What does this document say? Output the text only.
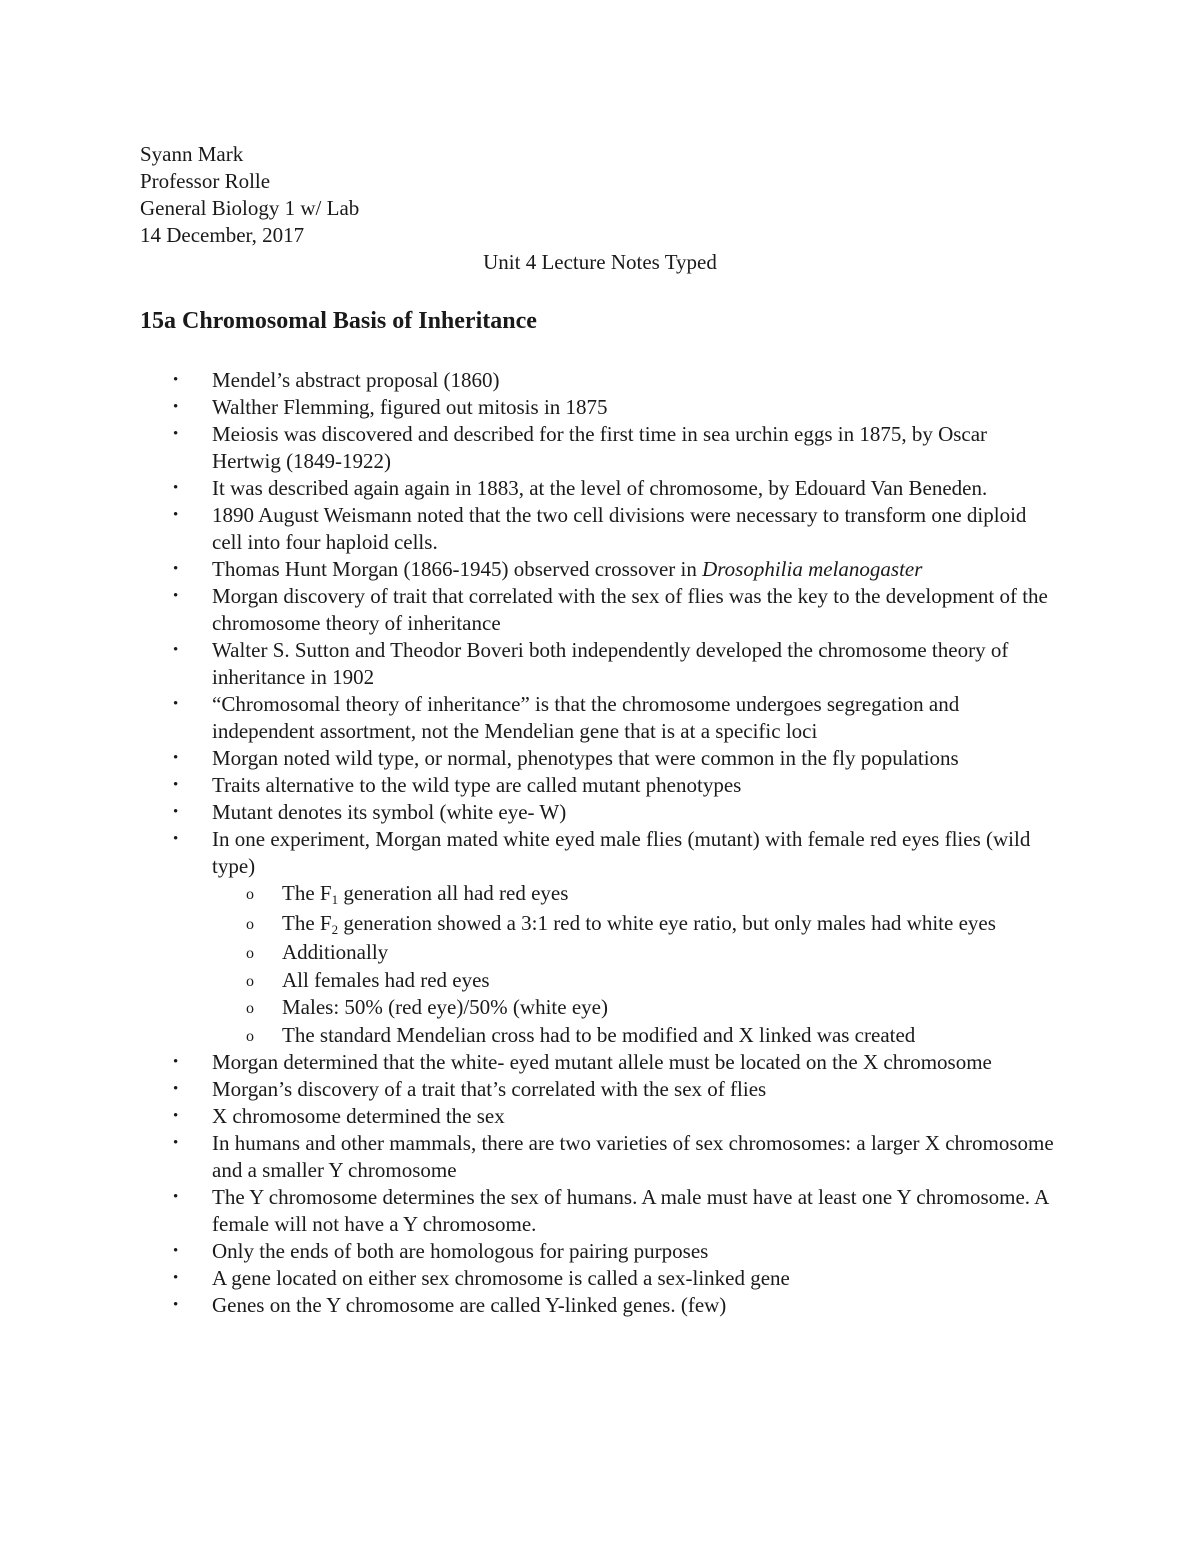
Syann Mark

Professor Rolle

General Biology 1 w/ Lab

14 December, 2017

Unit 4 Lecture Notes Typed

15a Chromosomal Basis of Inheritance
• Mendel’s abstract proposal (1860)
• Walther Flemming, figured out mitosis in 1875
• Meiosis was discovered and described for the first time in sea urchin eggs in 1875, by Oscar Hertwig (1849-1922)
• It was described again again in 1883, at the level of chromosome, by Edouard Van Beneden.
• 1890 August Weismann noted that the two cell divisions were necessary to transform one diploid cell into four haploid cells.
• Thomas Hunt Morgan (1866-1945) observed crossover in Drosophilia melanogaster
• Morgan discovery of trait that correlated with the sex of flies was the key to the development of the chromosome theory of inheritance
• Walter S. Sutton and Theodor Boveri both independently developed the chromosome theory of inheritance in 1902
• “Chromosomal theory of inheritance” is that the chromosome undergoes segregation and independent assortment, not the Mendelian gene that is at a specific loci
• Morgan noted wild type, or normal, phenotypes that were common in the fly populations
• Traits alternative to the wild type are called mutant phenotypes
• Mutant denotes its symbol (white eye- W)
• In one experiment, Morgan mated white eyed male flies (mutant) with female red eyes flies (wild type)
o The $F_1$ generation all had red eyes
o The $F_2$ generation showed a 3:1 red to white eye ratio, but only males had white eyes
o Additionally
o All females had red eyes
o Males: 50% (red eye)/50% (white eye)
o The standard Mendelian cross had to be modified and X linked was created
• Morgan determined that the white- eyed mutant allele must be located on the X chromosome
• Morgan’s discovery of a trait that’s correlated with the sex of flies
• X chromosome determined the sex
• In humans and other mammals, there are two varieties of sex chromosomes: a larger X chromosome and a smaller Y chromosome
• The Y chromosome determines the sex of humans. A male must have at least one Y chromosome. A female will not have a Y chromosome.
• Only the ends of both are homologous for pairing purposes
• A gene located on either sex chromosome is called a sex-linked gene
• Genes on the Y chromosome are called Y-linked genes. (few)
